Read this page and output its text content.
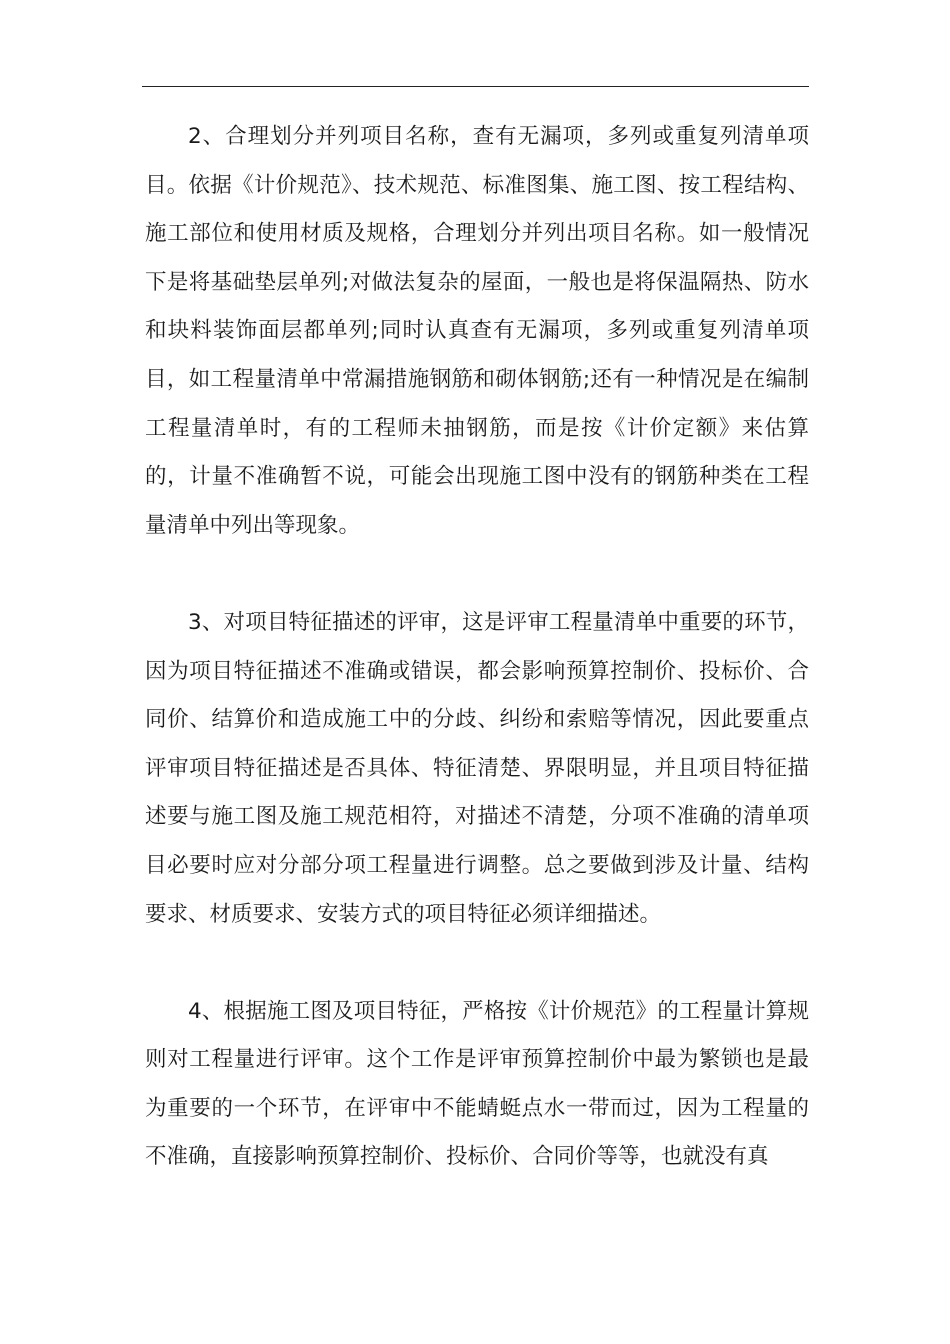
2、合理划分并列项目名称，查有无漏项，多列或重复列清单项目。依据《计价规范》、技术规范、标准图集、施工图、按工程结构、施工部位和使用材质及规格，合理划分并列出项目名称。如一般情况下是将基础垫层单列;对做法复杂的屋面，一般也是将保温隔热、防水和块料装饰面层都单列;同时认真查有无漏项，多列或重复列清单项目，如工程量清单中常漏措施钢筋和砌体钢筋;还有一种情况是在编制工程量清单时，有的工程师未抽钢筋，而是按《计价定额》来估算的，计量不准确暂不说，可能会出现施工图中没有的钢筋种类在工程量清单中列出等现象。

3、对项目特征描述的评审，这是评审工程量清单中重要的环节，因为项目特征描述不准确或错误，都会影响预算控制价、投标价、合同价、结算价和造成施工中的分歧、纠纷和索赔等情况，因此要重点评审项目特征描述是否具体、特征清楚、界限明显，并且项目特征描述要与施工图及施工规范相符，对描述不清楚，分项不准确的清单项目必要时应对分部分项工程量进行调整。总之要做到涉及计量、结构要求、材质要求、安装方式的项目特征必须详细描述。

4、根据施工图及项目特征，严格按《计价规范》的工程量计算规则对工程量进行评审。这个工作是评审预算控制价中最为繁锁也是最为重要的一个环节，在评审中不能蜻蜓点水一带而过，因为工程量的不准确，直接影响预算控制价、投标价、合同价等等，也就没有真
